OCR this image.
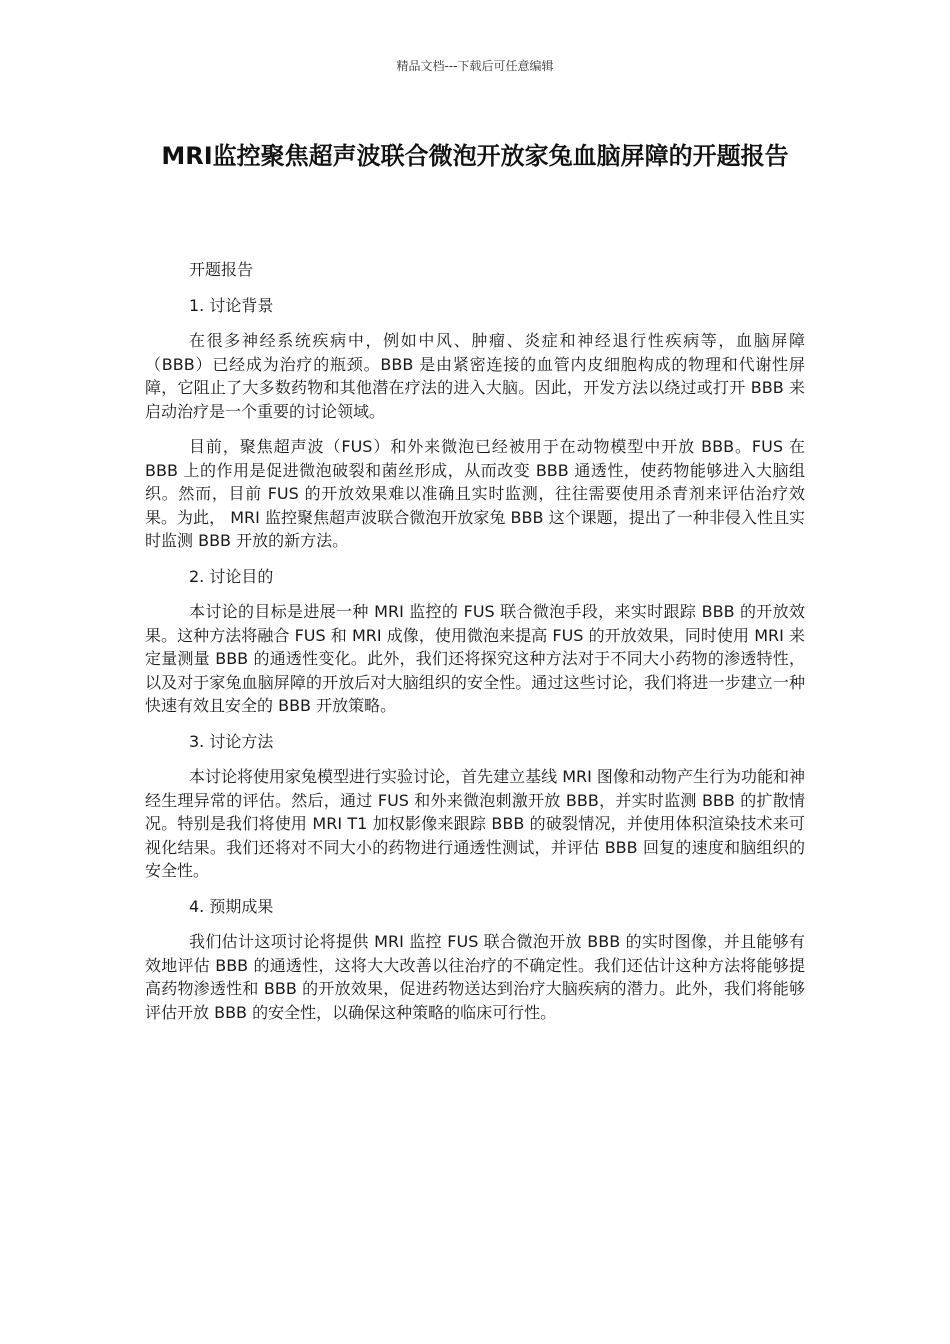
精品文档---下载后可任意编辑
MRI监控聚焦超声波联合微泡开放家兔血脑屏障的开题报告

开题报告

1. 讨论背景

在很多神经系统疾病中，例如中风、肿瘤、炎症和神经退行性疾病等，血脑屏障（BBB）已经成为治疗的瓶颈。BBB 是由紧密连接的血管内皮细胞构成的物理和代谢性屏障，它阻止了大多数药物和其他潜在疗法的进入大脑。因此，开发方法以绕过或打开 BBB 来启动治疗是一个重要的讨论领域。

目前，聚焦超声波（FUS）和外来微泡已经被用于在动物模型中开放 BBB。FUS 在 BBB 上的作用是促进微泡破裂和菌丝形成，从而改变 BBB 通透性，使药物能够进入大脑组织。然而，目前 FUS 的开放效果难以准确且实时监测，往往需要使用杀青剂来评估治疗效果。为此， MRI 监控聚焦超声波联合微泡开放家兔 BBB 这个课题，提出了一种非侵入性且实时监测 BBB 开放的新方法。

2. 讨论目的

本讨论的目标是进展一种 MRI 监控的 FUS 联合微泡手段，来实时跟踪 BBB 的开放效果。这种方法将融合 FUS 和 MRI 成像，使用微泡来提高 FUS 的开放效果，同时使用 MRI 来定量测量 BBB 的通透性变化。此外，我们还将探究这种方法对于不同大小药物的渗透特性，以及对于家兔血脑屏障的开放后对大脑组织的安全性。通过这些讨论，我们将进一步建立一种快速有效且安全的 BBB 开放策略。

3. 讨论方法

本讨论将使用家兔模型进行实验讨论，首先建立基线 MRI 图像和动物产生行为功能和神经生理异常的评估。然后，通过 FUS 和外来微泡刺激开放 BBB，并实时监测 BBB 的扩散情况。特别是我们将使用 MRI T1 加权影像来跟踪 BBB 的破裂情况，并使用体积渲染技术来可视化结果。我们还将对不同大小的药物进行通透性测试，并评估 BBB 回复的速度和脑组织的安全性。

4. 预期成果

我们估计这项讨论将提供 MRI 监控 FUS 联合微泡开放 BBB 的实时图像，并且能够有效地评估 BBB 的通透性，这将大大改善以往治疗的不确定性。我们还估计这种方法将能够提高药物渗透性和 BBB 的开放效果，促进药物送达到治疗大脑疾病的潜力。此外，我们将能够评估开放 BBB 的安全性，以确保这种策略的临床可行性。
